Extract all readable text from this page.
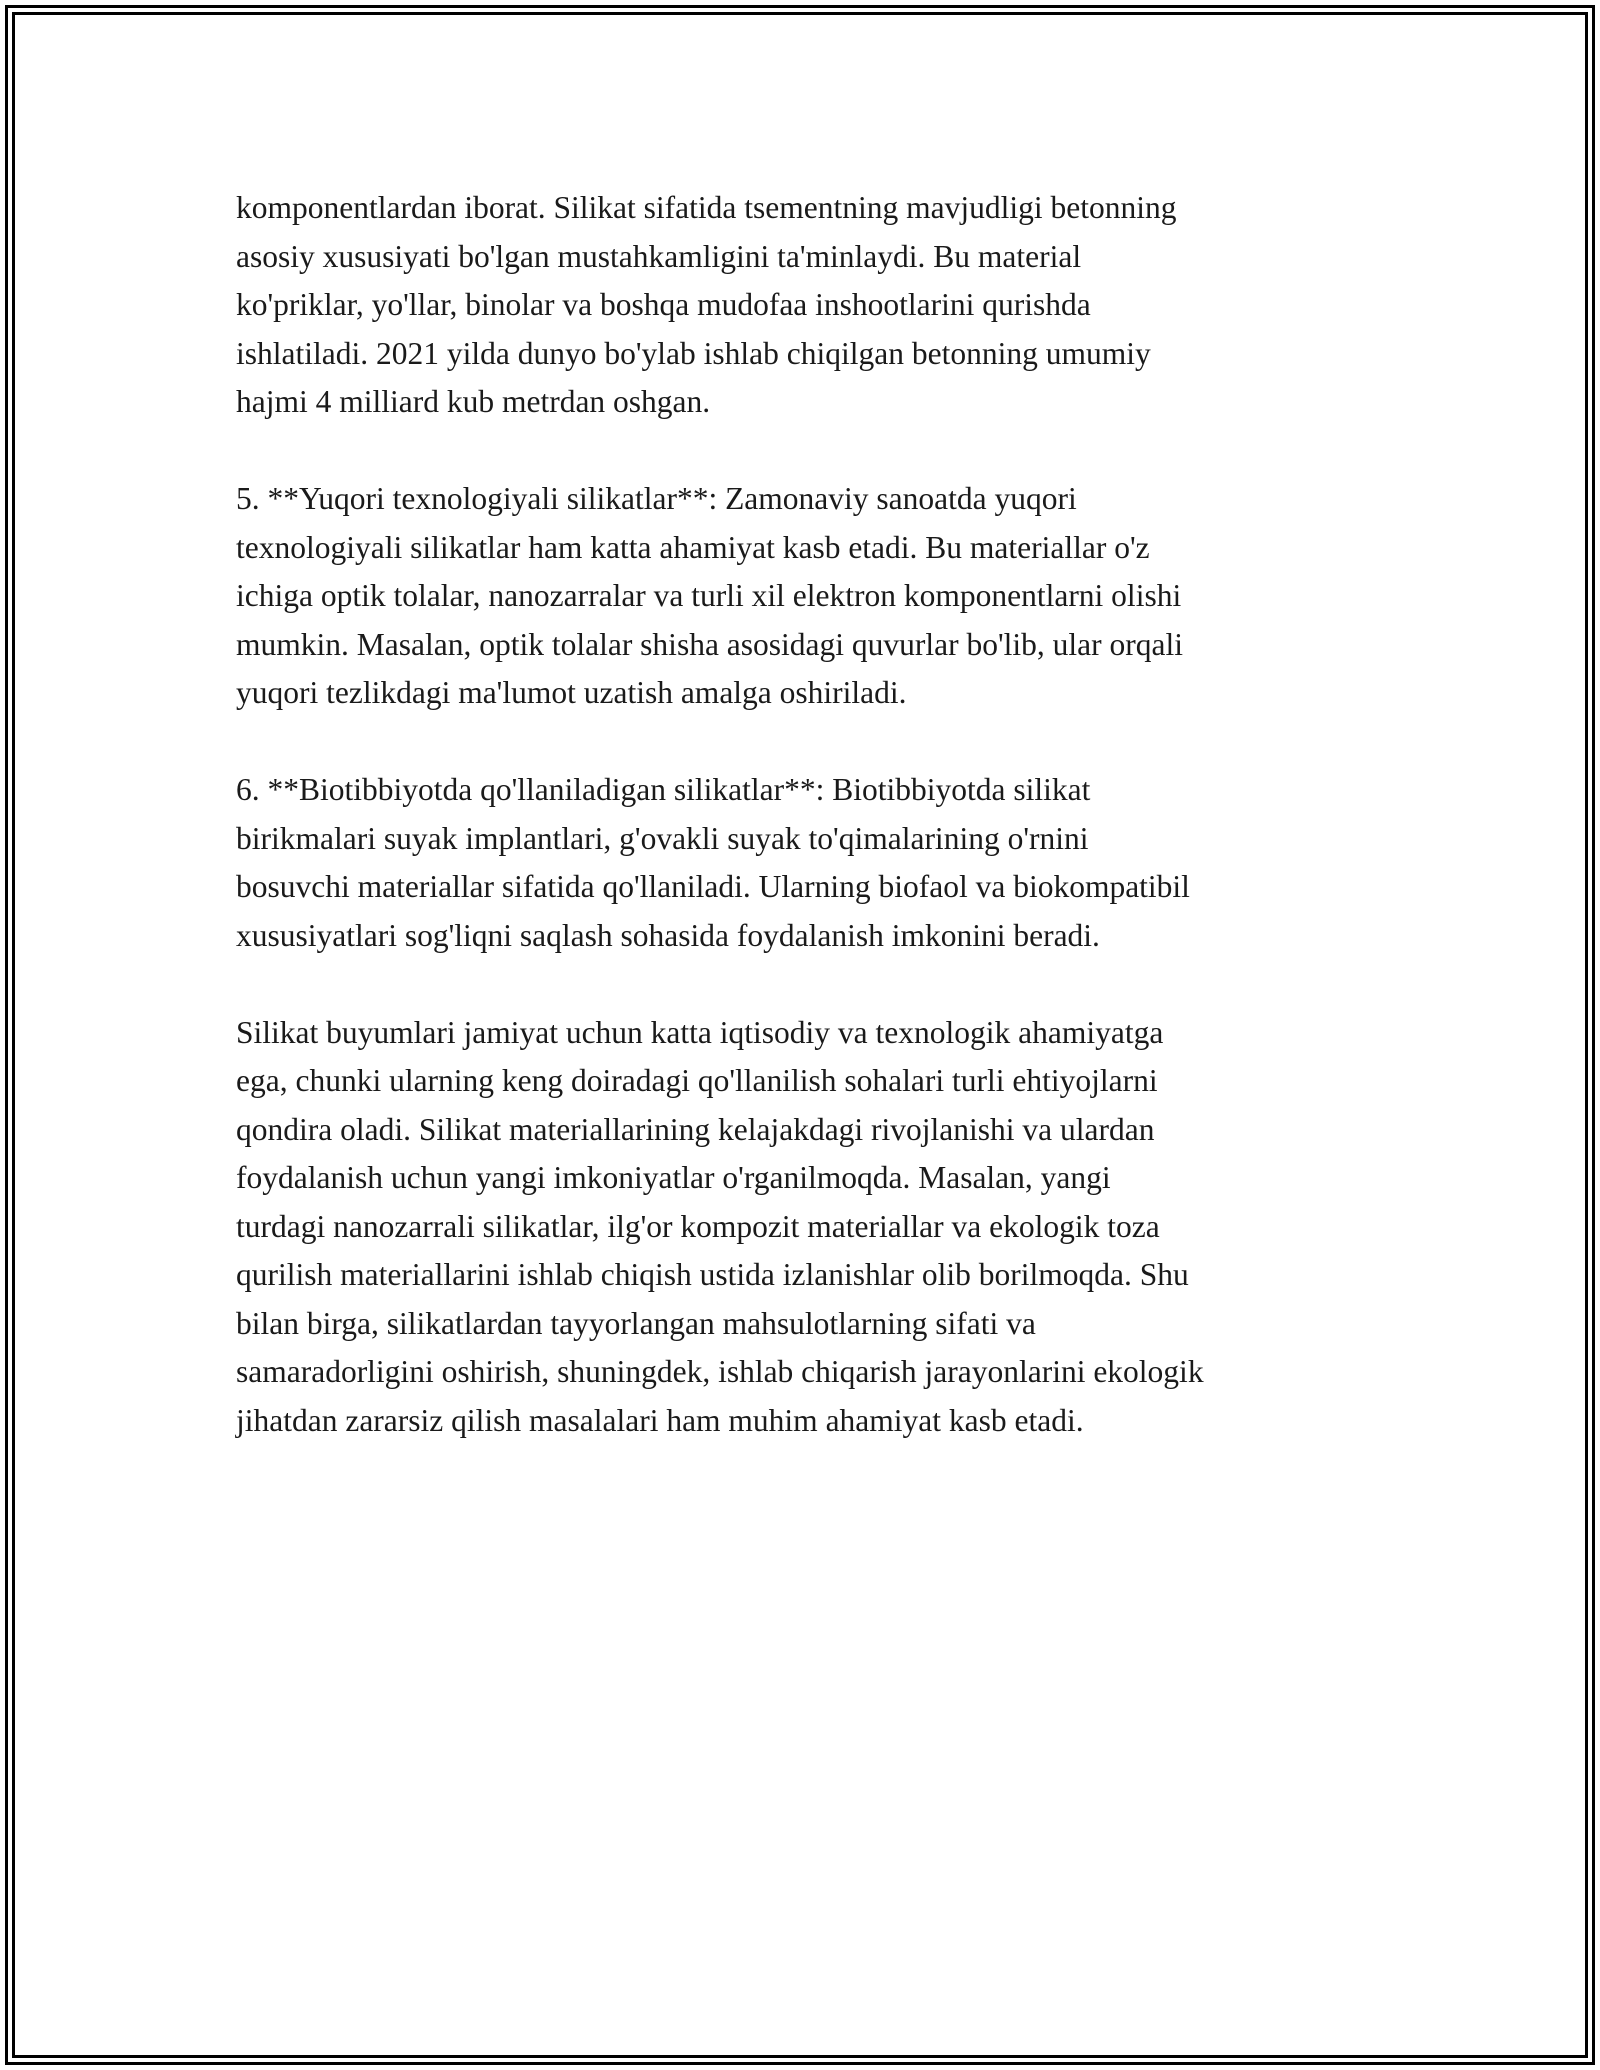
komponentlardan iborat. Silikat sifatida tsementning mavjudligi betonning
asosiy xususiyati bo'lgan mustahkamligini ta'minlaydi. Bu material
ko'priklar, yo'llar, binolar va boshqa mudofaa inshootlarini qurishda
ishlatiladi. 2021 yilda dunyo bo'ylab ishlab chiqilgan betonning umumiy
hajmi 4 milliard kub metrdan oshgan.

5. **Yuqori texnologiyali silikatlar**: Zamonaviy sanoatda yuqori
texnologiyali silikatlar ham katta ahamiyat kasb etadi. Bu materiallar o'z
ichiga optik tolalar, nanozarralar va turli xil elektron komponentlarni olishi
mumkin. Masalan, optik tolalar shisha asosidagi quvurlar bo'lib, ular orqali
yuqori tezlikdagi ma'lumot uzatish amalga oshiriladi.

6. **Biotibbiyotda qo'llaniladigan silikatlar**: Biotibbiyotda silikat
birikmalari suyak implantlari, g'ovakli suyak to'qimalarining o'rnini
bosuvchi materiallar sifatida qo'llaniladi. Ularning biofaol va biokompatibil
xususiyatlari sog'liqni saqlash sohasida foydalanish imkonini beradi.

Silikat buyumlari jamiyat uchun katta iqtisodiy va texnologik ahamiyatga
ega, chunki ularning keng doiradagi qo'llanilish sohalari turli ehtiyojlarni
qondira oladi. Silikat materiallarining kelajakdagi rivojlanishi va ulardan
foydalanish uchun yangi imkoniyatlar o'rganilmoqda. Masalan, yangi
turdagi nanozarrali silikatlar, ilg'or kompozit materiallar va ekologik toza
qurilish materiallarini ishlab chiqish ustida izlanishlar olib borilmoqda. Shu
bilan birga, silikatlardan tayyorlangan mahsulotlarning sifati va
samaradorligini oshirish, shuningdek, ishlab chiqarish jarayonlarini ekologik
jihatdan zararsiz qilish masalalari ham muhim ahamiyat kasb etadi.
